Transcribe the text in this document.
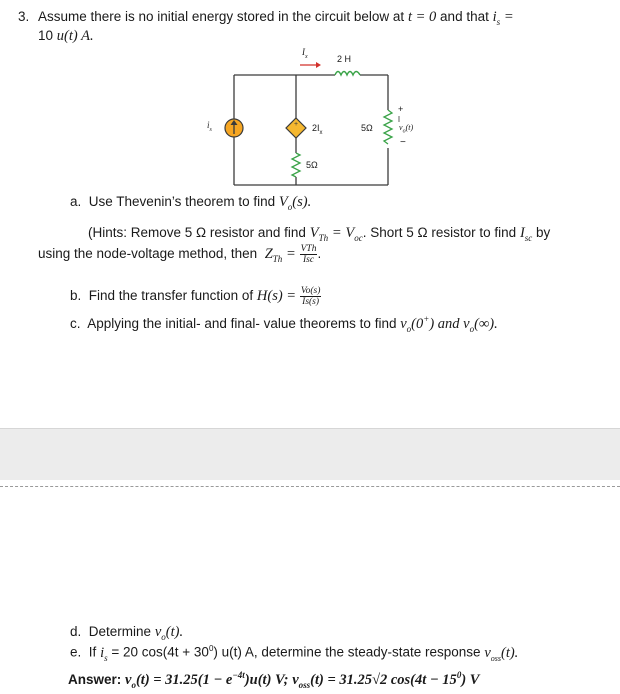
3. Assume there is no initial energy stored in the circuit below at t = 0 and that $i_s$ =
10 u(t) A.
+
$I_x$	2 H
$i_s$	$2I_x$	5Ω
+
$v_o(t)$
−
5Ω
a. Use Thevenin’s theorem to find $V_o(s)$.
(Hints: Remove 5 Ω resistor and find $V_{Th} = V_{oc}$. Short 5 Ω resistor to find $I_{sc}$ by
using the node-voltage method, then $Z_{Th} = \frac{\text{VTh}}{\text{Isc}}$ .
b. Find the transfer function of $H(s) = \frac{Vo(s)}{Is(s)}$
c. Applying the initial- and final- value theorems to find $v_o(0^+)$ and $v_o(\infty)$.
d. Determine $v_o(t)$.
e. If $i_s = 20$ $\cos(4t + 30^0)$ u(t) A, determine the steady-state response $v_{oss}(t)$.
Answer: $v_o(t) = 31.25(1 - e^{-4t})u(t)$ V; $v_{oss}(t) = 31.25√2$ $\cos(4t - 15^0)$ V
